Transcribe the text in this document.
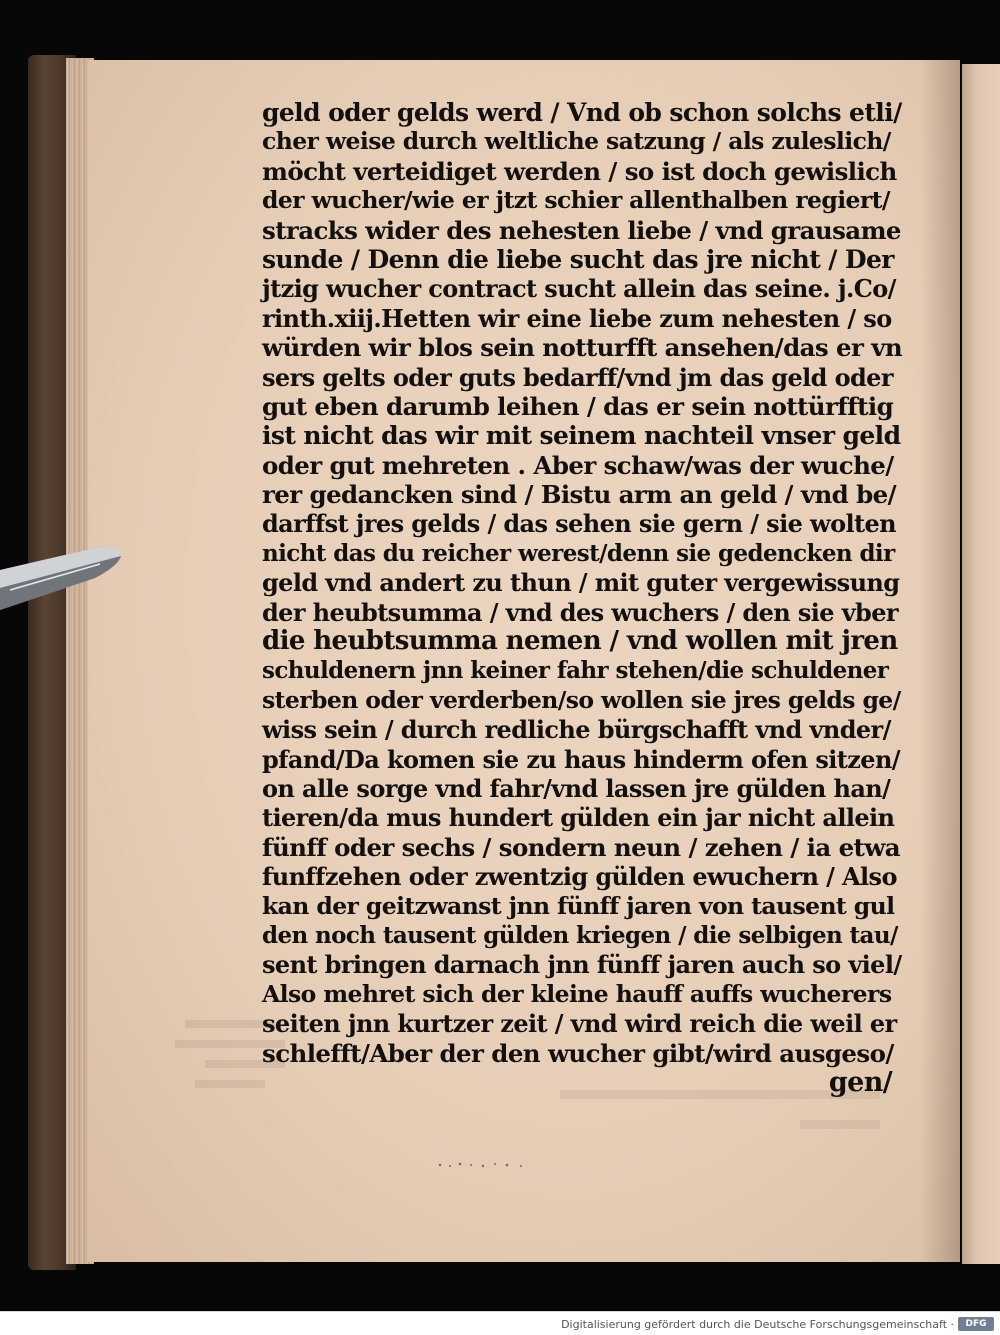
geld oder gelds werd / Vnd ob schon solchs etli/
cher weise durch weltliche satzung / als zuleslich/
möcht verteidiget werden / so ist doch gewislich
der wucher/wie er jtzt schier allenthalben regiert/
stracks wider des nehesten liebe / vnd grausame
sunde / Denn die liebe sucht das jre nicht / Der
jtzig wucher contract sucht allein das seine. j.Co/
rinth.xiij.Hetten wir eine liebe zum nehesten / so
würden wir blos sein notturfft ansehen/das er vn
sers gelts oder guts bedarff/vnd jm das geld oder
gut eben darumb leihen / das er sein nottürfftig
ist nicht das wir mit seinem nachteil vnser geld
oder gut mehreten . Aber schaw/was der wuche/
rer gedancken sind / Bistu arm an geld / vnd be/
darffst jres gelds / das sehen sie gern / sie wolten
nicht das du reicher werest/denn sie gedencken dir
geld vnd andert zu thun / mit guter vergewissung
der heubtsumma / vnd des wuchers / den sie vber
die heubtsumma nemen / vnd wollen mit jren
schuldenern jnn keiner fahr stehen/die schuldener
sterben oder verderben/so wollen sie jres gelds ge/
wiss sein / durch redliche bürgschafft vnd vnder/
pfand/Da komen sie zu haus hinderm ofen sitzen/
on alle sorge vnd fahr/vnd lassen jre gülden han/
tieren/da mus hundert gülden ein jar nicht allein
fünff oder sechs / sondern neun / zehen / ia etwa
funffzehen oder zwentzig gülden ewuchern / Also
kan der geitzwanst jnn fünff jaren von tausent gul
den noch tausent gülden kriegen / die selbigen tau/
sent bringen darnach jnn fünff jaren auch so viel/
Also mehret sich der kleine hauff auffs wucherers
seiten jnn kurtzer zeit / vnd wird reich die weil er
schlefft/Aber der den wucher gibt/wird ausgeso/
gen/
Digitalisierung gefördert durch die Deutsche Forschungsgemeinschaft ·	DFG
